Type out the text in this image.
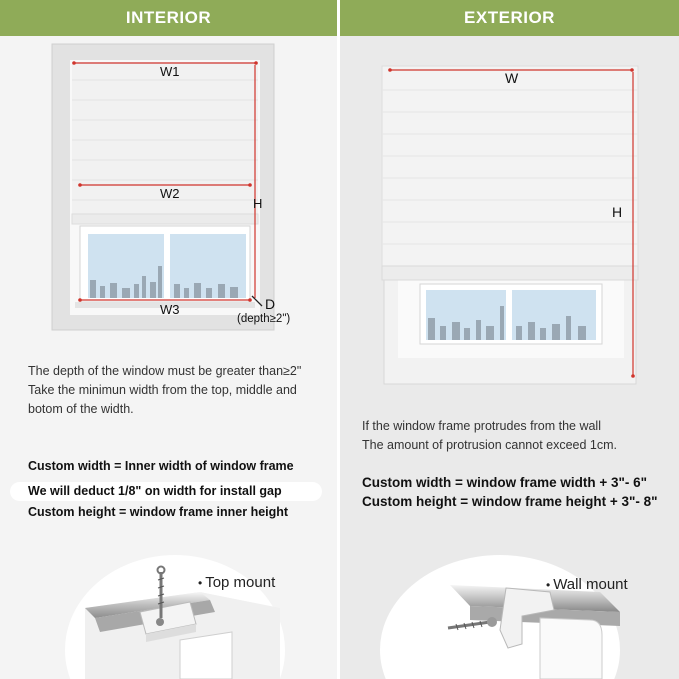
INTERIOR	EXTERIOR
W1
W2
W3
H
D
(depth≥2")
The depth of the window must be greater than≥2"
Take the minimun width from the top, middle and
botom of the width.
Custom width = Inner width of window frame
We will deduct 1/8" on width for install gap
Custom height = window frame inner height
• Top mount
W
H
If the window frame protrudes from the wall
The amount of protrusion cannot exceed 1cm.
Custom width = window frame width + 3"- 6"
Custom height = window frame height + 3"- 8"
• Wall mount
